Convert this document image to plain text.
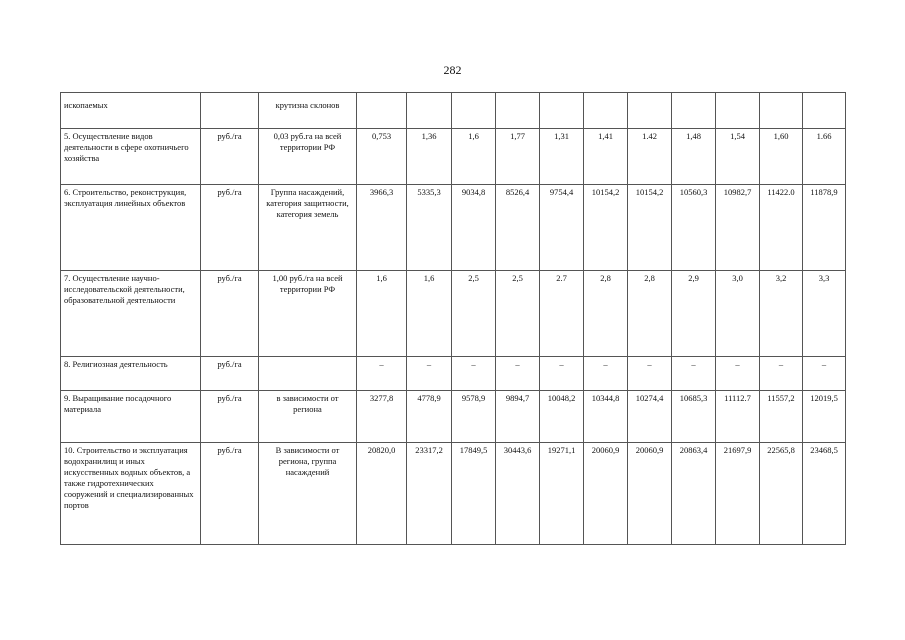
282
ископаемых		крутизна склонов											
5. Осуществление видов деятельности в сфере охотничьего хозяйства	руб./га	0,03 руб.га на всей территории РФ	0,753	1,36	1,6	1,77	1,31	1,41	1.42	1,48	1,54	1,60	1.66
6. Строительство, реконструкция, эксплуатация линейных объектов	руб./га	Группа насаждений, категория защитности, категория земель	3966,3	5335,3	9034,8	8526,4	9754,4	10154,2	10154,2	10560,3	10982,7	11422.0	11878,9
7. Осуществление научно-исследовательской деятельности, образовательной деятельности	руб./га	1,00 руб./га на всей территории РФ	1,6	1,6	2,5	2,5	2.7	2,8	2,8	2,9	3,0	3,2	3,3
8. Религиозная деятельность	руб./га		–	–	–	–	–	–	–	–	–	–	–
9. Выращивание посадочного материала	руб./га	в зависимости от региона	3277,8	4778,9	9578,9	9894,7	10048,2	10344,8	10274,4	10685,3	11112.7	11557,2	12019,5
10. Строительство и эксплуатация водохранилищ и иных искусственных водных объектов, а также гидротехнических сооружений и специализированных портов	руб./га	В зависимости от региона, группа насаждений	20820,0	23317,2	17849,5	30443,6	19271,1	20060,9	20060,9	20863,4	21697,9	22565,8	23468,5
